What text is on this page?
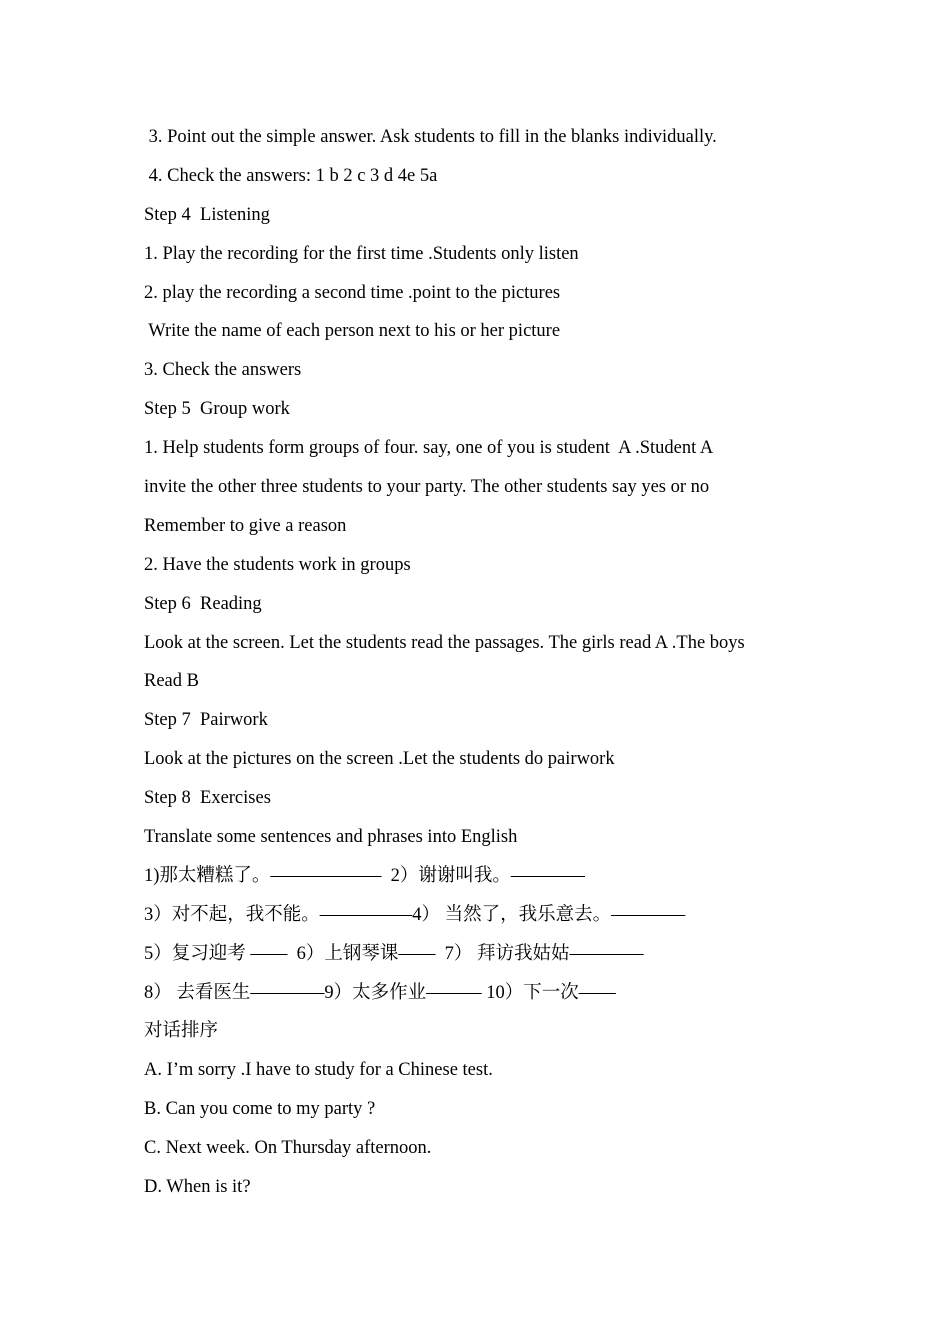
3. Point out the simple answer. Ask students to fill in the blanks individually.
4. Check the answers: 1 b 2 c 3 d 4e 5a
Step 4  Listening
1. Play the recording for the first time .Students only listen
2. play the recording a second time .point to the pictures
Write the name of each person next to his or her picture
3. Check the answers
Step 5  Group work
1. Help students form groups of four. say, one of you is student  A .Student A
invite the other three students to your party. The other students say yes or no
Remember to give a reason
2. Have the students work in groups
Step 6  Reading
Look at the screen. Let the students read the passages. The girls read A .The boys
Read B
Step 7  Pairwork
Look at the pictures on the screen .Let the students do pairwork
Step 8  Exercises
Translate some sentences and phrases into English
1)那太糟糕了。——————  2）谢谢叫我。————
3）对不起，我不能。—————4） 当然了，我乐意去。————
5）复习迎考 ——  6）上钢琴课——  7） 拜访我姑姑————
8） 去看医生————9）太多作业——— 10）下一次——
对话排序
A. I’m sorry .I have to study for a Chinese test.
B. Can you come to my party ?
C. Next week. On Thursday afternoon.
D. When is it?
